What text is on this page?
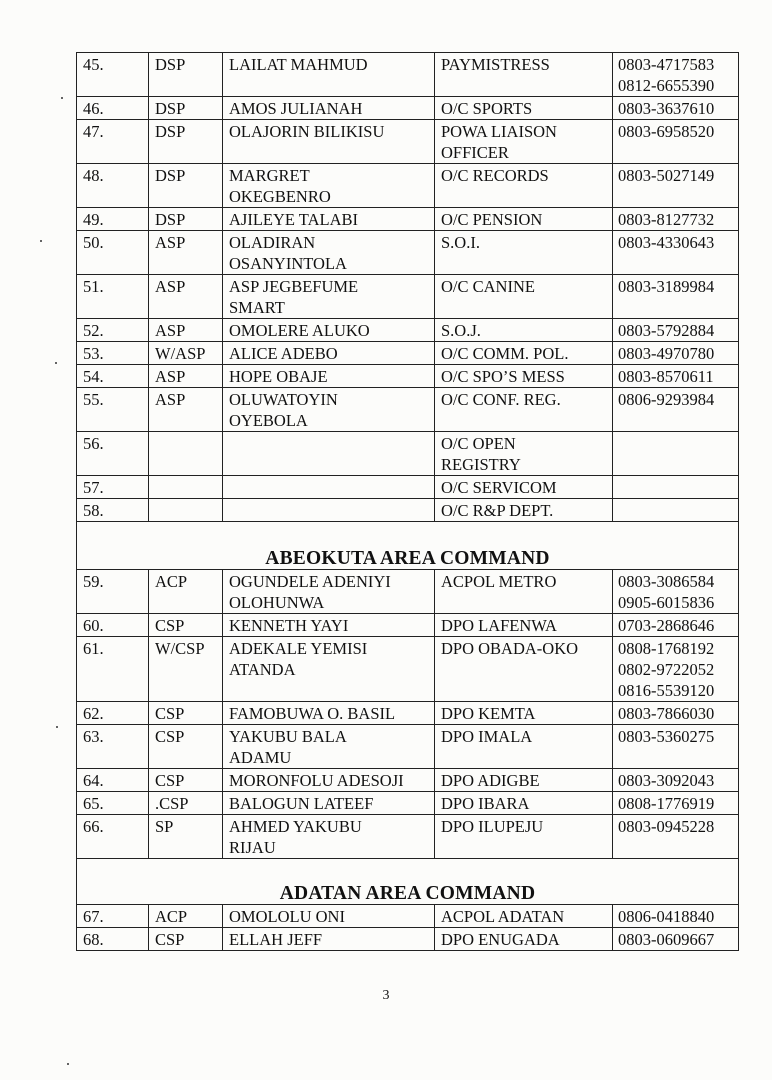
45.	DSP	LAILAT MAHMUD	PAYMISTRESS	0803-4717583
0812-6655390

46.	DSP	AMOS JULIANAH	O/C SPORTS	0803-3637610

47.	DSP	OLAJORIN BILIKISU	POWA LIAISON
OFFICER	0803-6958520

48.	DSP	MARGRET
OKEGBENRO	O/C RECORDS	0803-5027149

49.	DSP	AJILEYE TALABI	O/C PENSION	0803-8127732

50.	ASP	OLADIRAN
OSANYINTOLA	S.O.I.	0803-4330643

51.	ASP	ASP JEGBEFUME
SMART	O/C CANINE	0803-3189984

52.	ASP	OMOLERE ALUKO	S.O.J.	0803-5792884

53.	W/ASP	ALICE ADEBO	O/C COMM. POL.	0803-4970780

54.	ASP	HOPE OBAJE	O/C SPO’S MESS	0803-8570611

55.	ASP	OLUWATOYIN
OYEBOLA	O/C CONF. REG.	0806-9293984

56.			O/C OPEN
REGISTRY	

57.			O/C SERVICOM	

58.			O/C R&P DEPT.	

ABEOKUTA AREA COMMAND				
59.	ACP	OGUNDELE ADENIYI
OLOHUNWA	ACPOL METRO	0803-3086584
0905-6015836

60.	CSP	KENNETH YAYI	DPO LAFENWA	0703-2868646

61.	W/CSP	ADEKALE YEMISI
ATANDA	DPO OBADA-OKO	0808-1768192
0802-9722052
0816-5539120

62.	CSP	FAMOBUWA O. BASIL	DPO KEMTA	0803-7866030

63.	CSP	YAKUBU BALA
ADAMU	DPO IMALA	0803-5360275

64.	CSP	MORONFOLU ADESOJI	DPO ADIGBE	0803-3092043

65.	.CSP	BALOGUN LATEEF	DPO IBARA	0808-1776919

66.	SP	AHMED YAKUBU
RIJAU	DPO ILUPEJU	0803-0945228

ADATAN AREA COMMAND				
67.	ACP	OMOLOLU ONI	ACPOL ADATAN	0806-0418840

68.	CSP	ELLAH JEFF	DPO ENUGADA	0803-0609667
3
